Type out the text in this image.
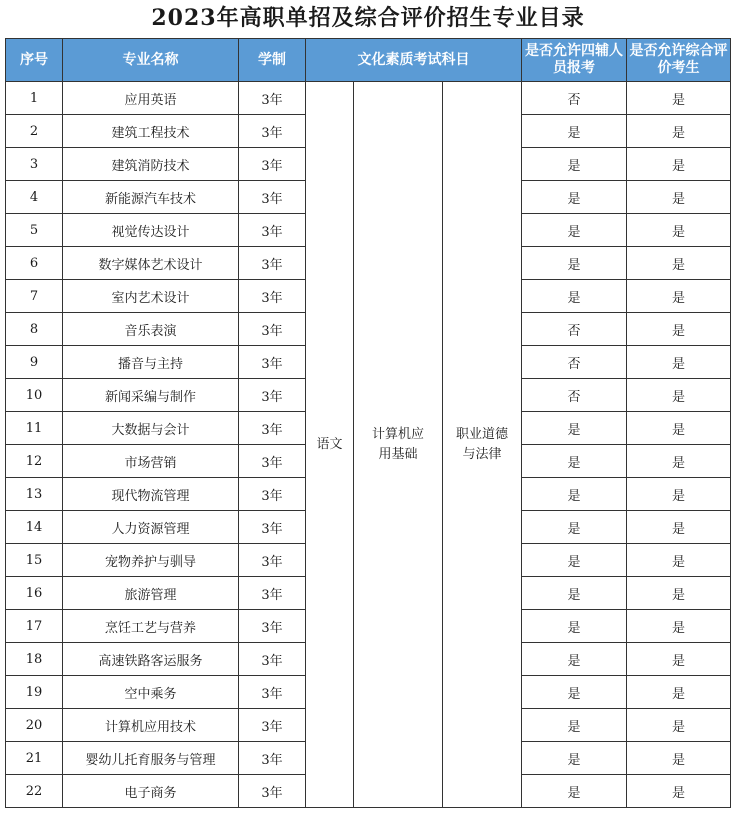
2023年高职单招及综合评价招生专业目录
序号	专业名称	学制	文化素质考试科目			是否允许四辅人员报考	是否允许综合评价考生
1	应用英语	3年	语文	计算机应用基础	职业道德与法律	否	是
2	建筑工程技术	3年				是	是
3	建筑消防技术	3年				是	是
4	新能源汽车技术	3年				是	是
5	视觉传达设计	3年				是	是
6	数字媒体艺术设计	3年				是	是
7	室内艺术设计	3年				是	是
8	音乐表演	3年				否	是
9	播音与主持	3年				否	是
10	新闻采编与制作	3年				否	是
11	大数据与会计	3年				是	是
12	市场营销	3年				是	是
13	现代物流管理	3年				是	是
14	人力资源管理	3年				是	是
15	宠物养护与驯导	3年				是	是
16	旅游管理	3年				是	是
17	烹饪工艺与营养	3年				是	是
18	高速铁路客运服务	3年				是	是
19	空中乘务	3年				是	是
20	计算机应用技术	3年				是	是
21	婴幼儿托育服务与管理	3年				是	是
22	电子商务	3年				是	是
